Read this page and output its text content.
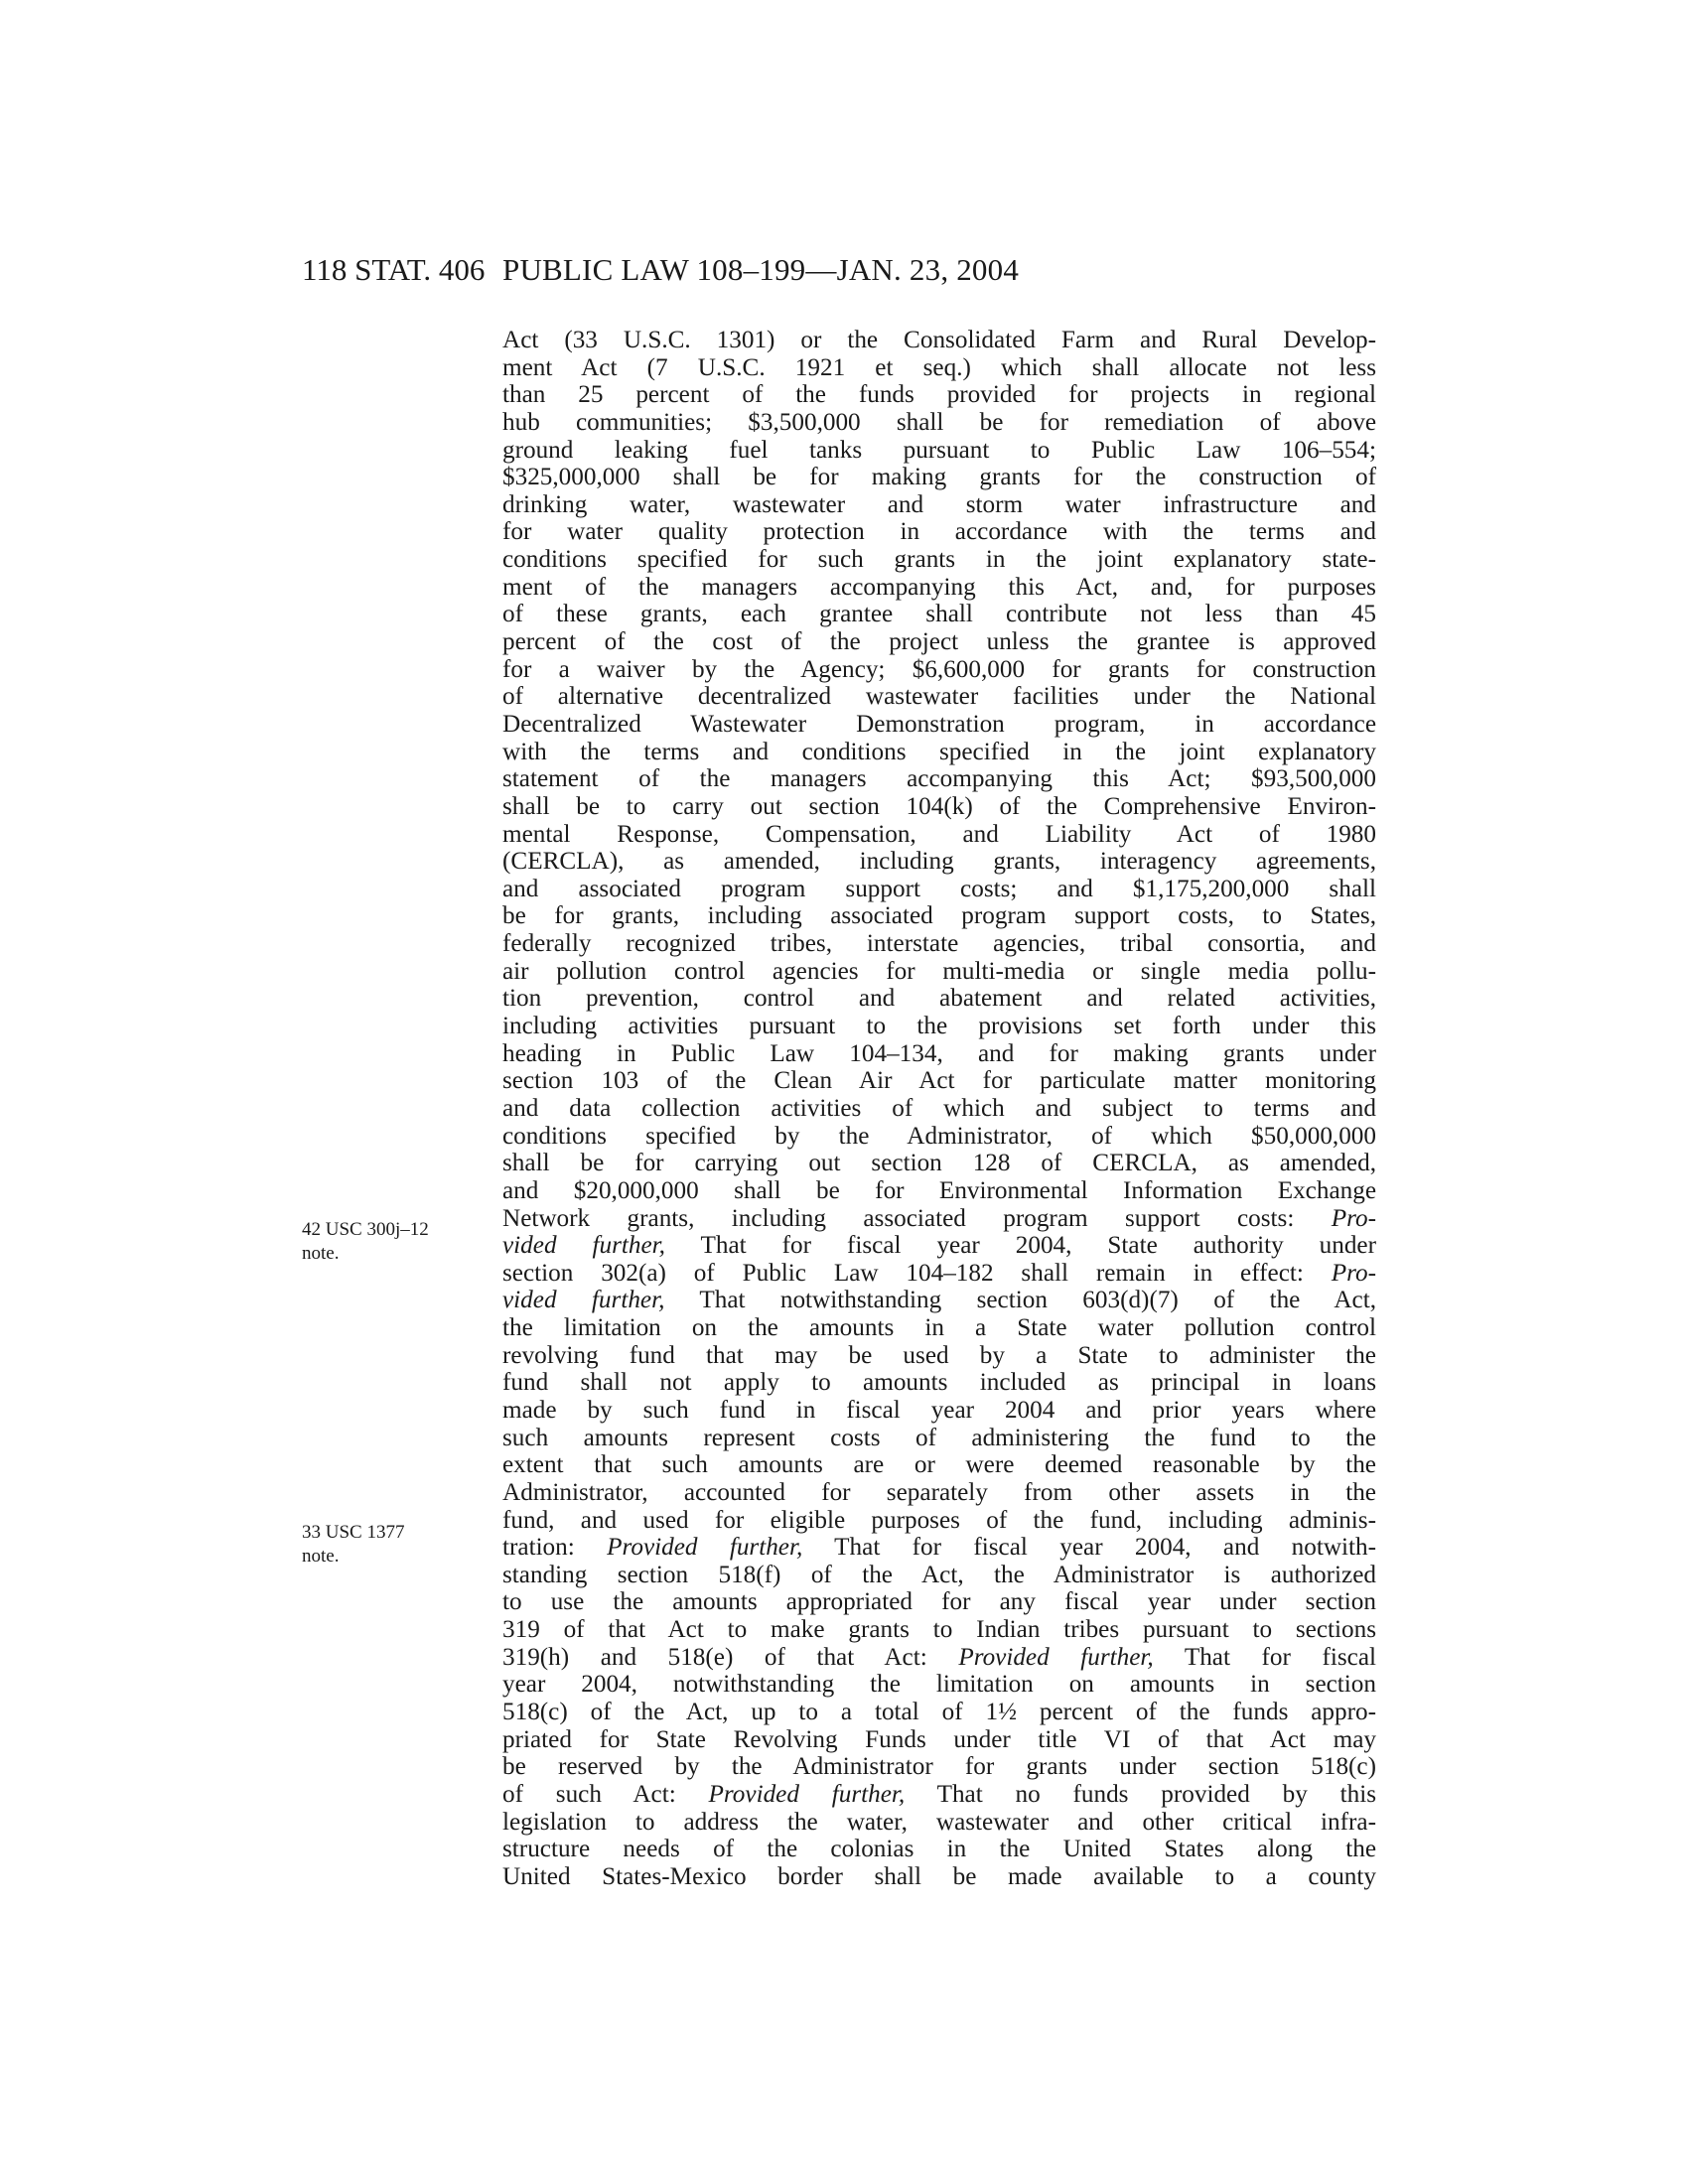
118 STAT. 406 PUBLIC LAW 108–199—JAN. 23, 2004
42 USC 300j–12
note.
33 USC 1377
note.
Act (33 U.S.C. 1301) or the Consolidated Farm and Rural Develop-
ment Act (7 U.S.C. 1921 et seq.) which shall allocate not less
than 25 percent of the funds provided for projects in regional
hub communities; $3,500,000 shall be for remediation of above
ground leaking fuel tanks pursuant to Public Law 106–554;
$325,000,000 shall be for making grants for the construction of
drinking water, wastewater and storm water infrastructure and
for water quality protection in accordance with the terms and
conditions specified for such grants in the joint explanatory state-
ment of the managers accompanying this Act, and, for purposes
of these grants, each grantee shall contribute not less than 45
percent of the cost of the project unless the grantee is approved
for a waiver by the Agency; $6,600,000 for grants for construction
of alternative decentralized wastewater facilities under the National
Decentralized Wastewater Demonstration program, in accordance
with the terms and conditions specified in the joint explanatory
statement of the managers accompanying this Act; $93,500,000
shall be to carry out section 104(k) of the Comprehensive Environ-
mental Response, Compensation, and Liability Act of 1980
(CERCLA), as amended, including grants, interagency agreements,
and associated program support costs; and $1,175,200,000 shall
be for grants, including associated program support costs, to States,
federally recognized tribes, interstate agencies, tribal consortia, and
air pollution control agencies for multi-media or single media pollu-
tion prevention, control and abatement and related activities,
including activities pursuant to the provisions set forth under this
heading in Public Law 104–134, and for making grants under
section 103 of the Clean Air Act for particulate matter monitoring
and data collection activities of which and subject to terms and
conditions specified by the Administrator, of which $50,000,000
shall be for carrying out section 128 of CERCLA, as amended,
and $20,000,000 shall be for Environmental Information Exchange
Network grants, including associated program support costs: Pro-
vided further, That for fiscal year 2004, State authority under
section 302(a) of Public Law 104–182 shall remain in effect: Pro-
vided further, That notwithstanding section 603(d)(7) of the Act,
the limitation on the amounts in a State water pollution control
revolving fund that may be used by a State to administer the
fund shall not apply to amounts included as principal in loans
made by such fund in fiscal year 2004 and prior years where
such amounts represent costs of administering the fund to the
extent that such amounts are or were deemed reasonable by the
Administrator, accounted for separately from other assets in the
fund, and used for eligible purposes of the fund, including adminis-
tration: Provided further, That for fiscal year 2004, and notwith-
standing section 518(f) of the Act, the Administrator is authorized
to use the amounts appropriated for any fiscal year under section
319 of that Act to make grants to Indian tribes pursuant to sections
319(h) and 518(e) of that Act: Provided further, That for fiscal
year 2004, notwithstanding the limitation on amounts in section
518(c) of the Act, up to a total of 1½ percent of the funds appro-
priated for State Revolving Funds under title VI of that Act may
be reserved by the Administrator for grants under section 518(c)
of such Act: Provided further, That no funds provided by this
legislation to address the water, wastewater and other critical infra-
structure needs of the colonias in the United States along the
United States-Mexico border shall be made available to a county
